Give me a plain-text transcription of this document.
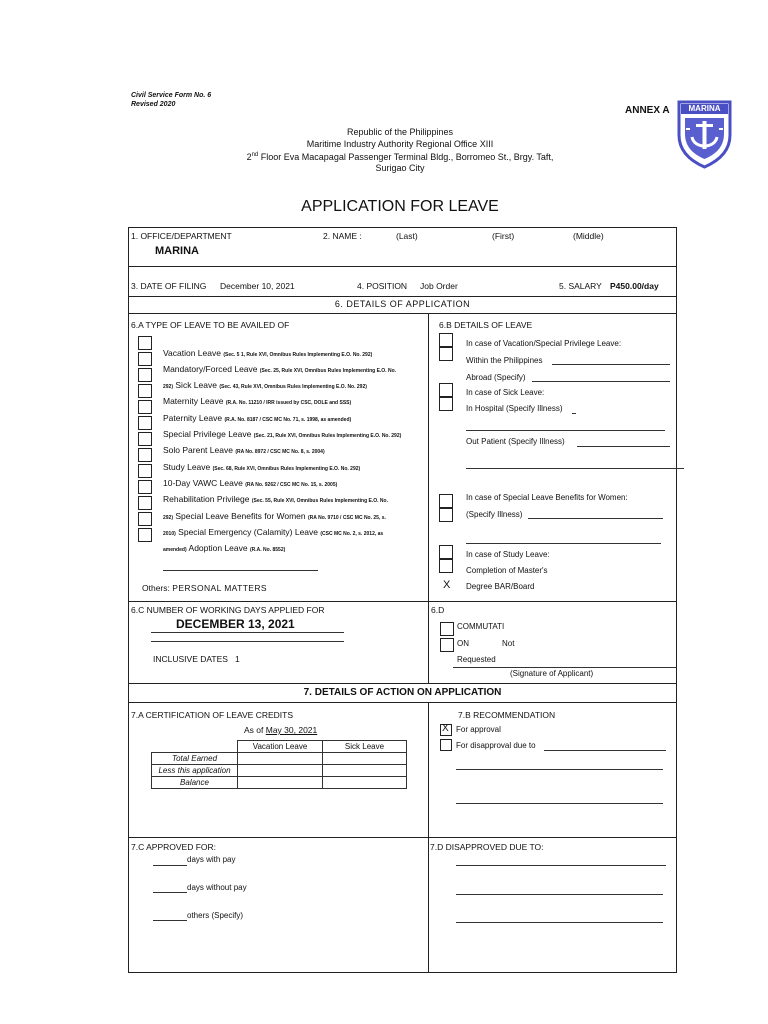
Civil Service Form No. 6
Revised 2020
ANNEX A	MARINA
Republic of the Philippines
Maritime Industry Authority Regional Office XIII
2nd Floor Eva Macapagal Passenger Terminal Bldg., Borromeo St., Brgy. Taft,
Surigao City
APPLICATION FOR LEAVE
1. OFFICE/DEPARTMENT
MARINA
2. NAME :	(Last)	(First)	(Middle)
3. DATE OF FILING December 10, 2021	4. POSITION Job Order	5. SALARY P450.00/day
6. DETAILS OF APPLICATION
6.A TYPE OF LEAVE TO BE AVAILED OF	6.B DETAILS OF LEAVE
Vacation Leave (Sec. 5 1, Rule XVI, Omnibus Rules Implementing E.O. No. 292)
Mandatory/Forced Leave (Sec. 25, Rule XVI, Omnibus Rules Implementing E.O. No.
292) Sick Leave (Sec. 43, Rule XVI, Omnibus Rules Implementing E.O. No. 292)
Maternity Leave (R.A. No. 11210 / IRR issued by CSC, DOLE and SSS)
Paternity Leave (R.A. No. 8187 / CSC MC No. 71, s. 1998, as amended)
Special Privilege Leave (Sec. 21, Rule XVI, Omnibus Rules Implementing E.O. No. 292)
Solo Parent Leave (RA No. 8972 / CSC MC No. 8, s. 2004)
Study Leave (Sec. 68, Rule XVI, Omnibus Rules Implementing E.O. No. 292)
10-Day VAWC Leave (RA No. 9262 / CSC MC No. 15, s. 2005)
Rehabilitation Privilege (Sec. 55, Rule XVI, Omnibus Rules Implementing E.O. No.
292) Special Leave Benefits for Women (RA No. 9710 / CSC MC No. 25, s.
2010) Special Emergency (Calamity) Leave (CSC MC No. 2, s. 2012, as
amended) Adoption Leave (R.A. No. 8552)
Others: PERSONAL MATTERS
In case of Vacation/Special Privilege Leave:
Within the Philippines
Abroad (Specify)
In case of Sick Leave:
In Hospital (Specify Illness)
Out Patient (Specify Illness)
In case of Special Leave Benefits for Women:
(Specify Illness)
In case of Study Leave:
Completion of Master's
X Degree BAR/Board
6.C NUMBER OF WORKING DAYS APPLIED FOR
DECEMBER 13, 2021
INCLUSIVE DATES 1
6.D
COMMUTATI
ON	Not
Requested
(Signature of Applicant)
7. DETAILS OF ACTION ON APPLICATION
7.A CERTIFICATION OF LEAVE CREDITS
As of May 30, 2021
	Vacation Leave	Sick Leave
Total Earned		
Less this application		
Balance		
7.B RECOMMENDATION
X For approval
For disapproval due to
7.C APPROVED FOR:
days with pay
days without pay
others (Specify)
7.D DISAPPROVED DUE TO:
